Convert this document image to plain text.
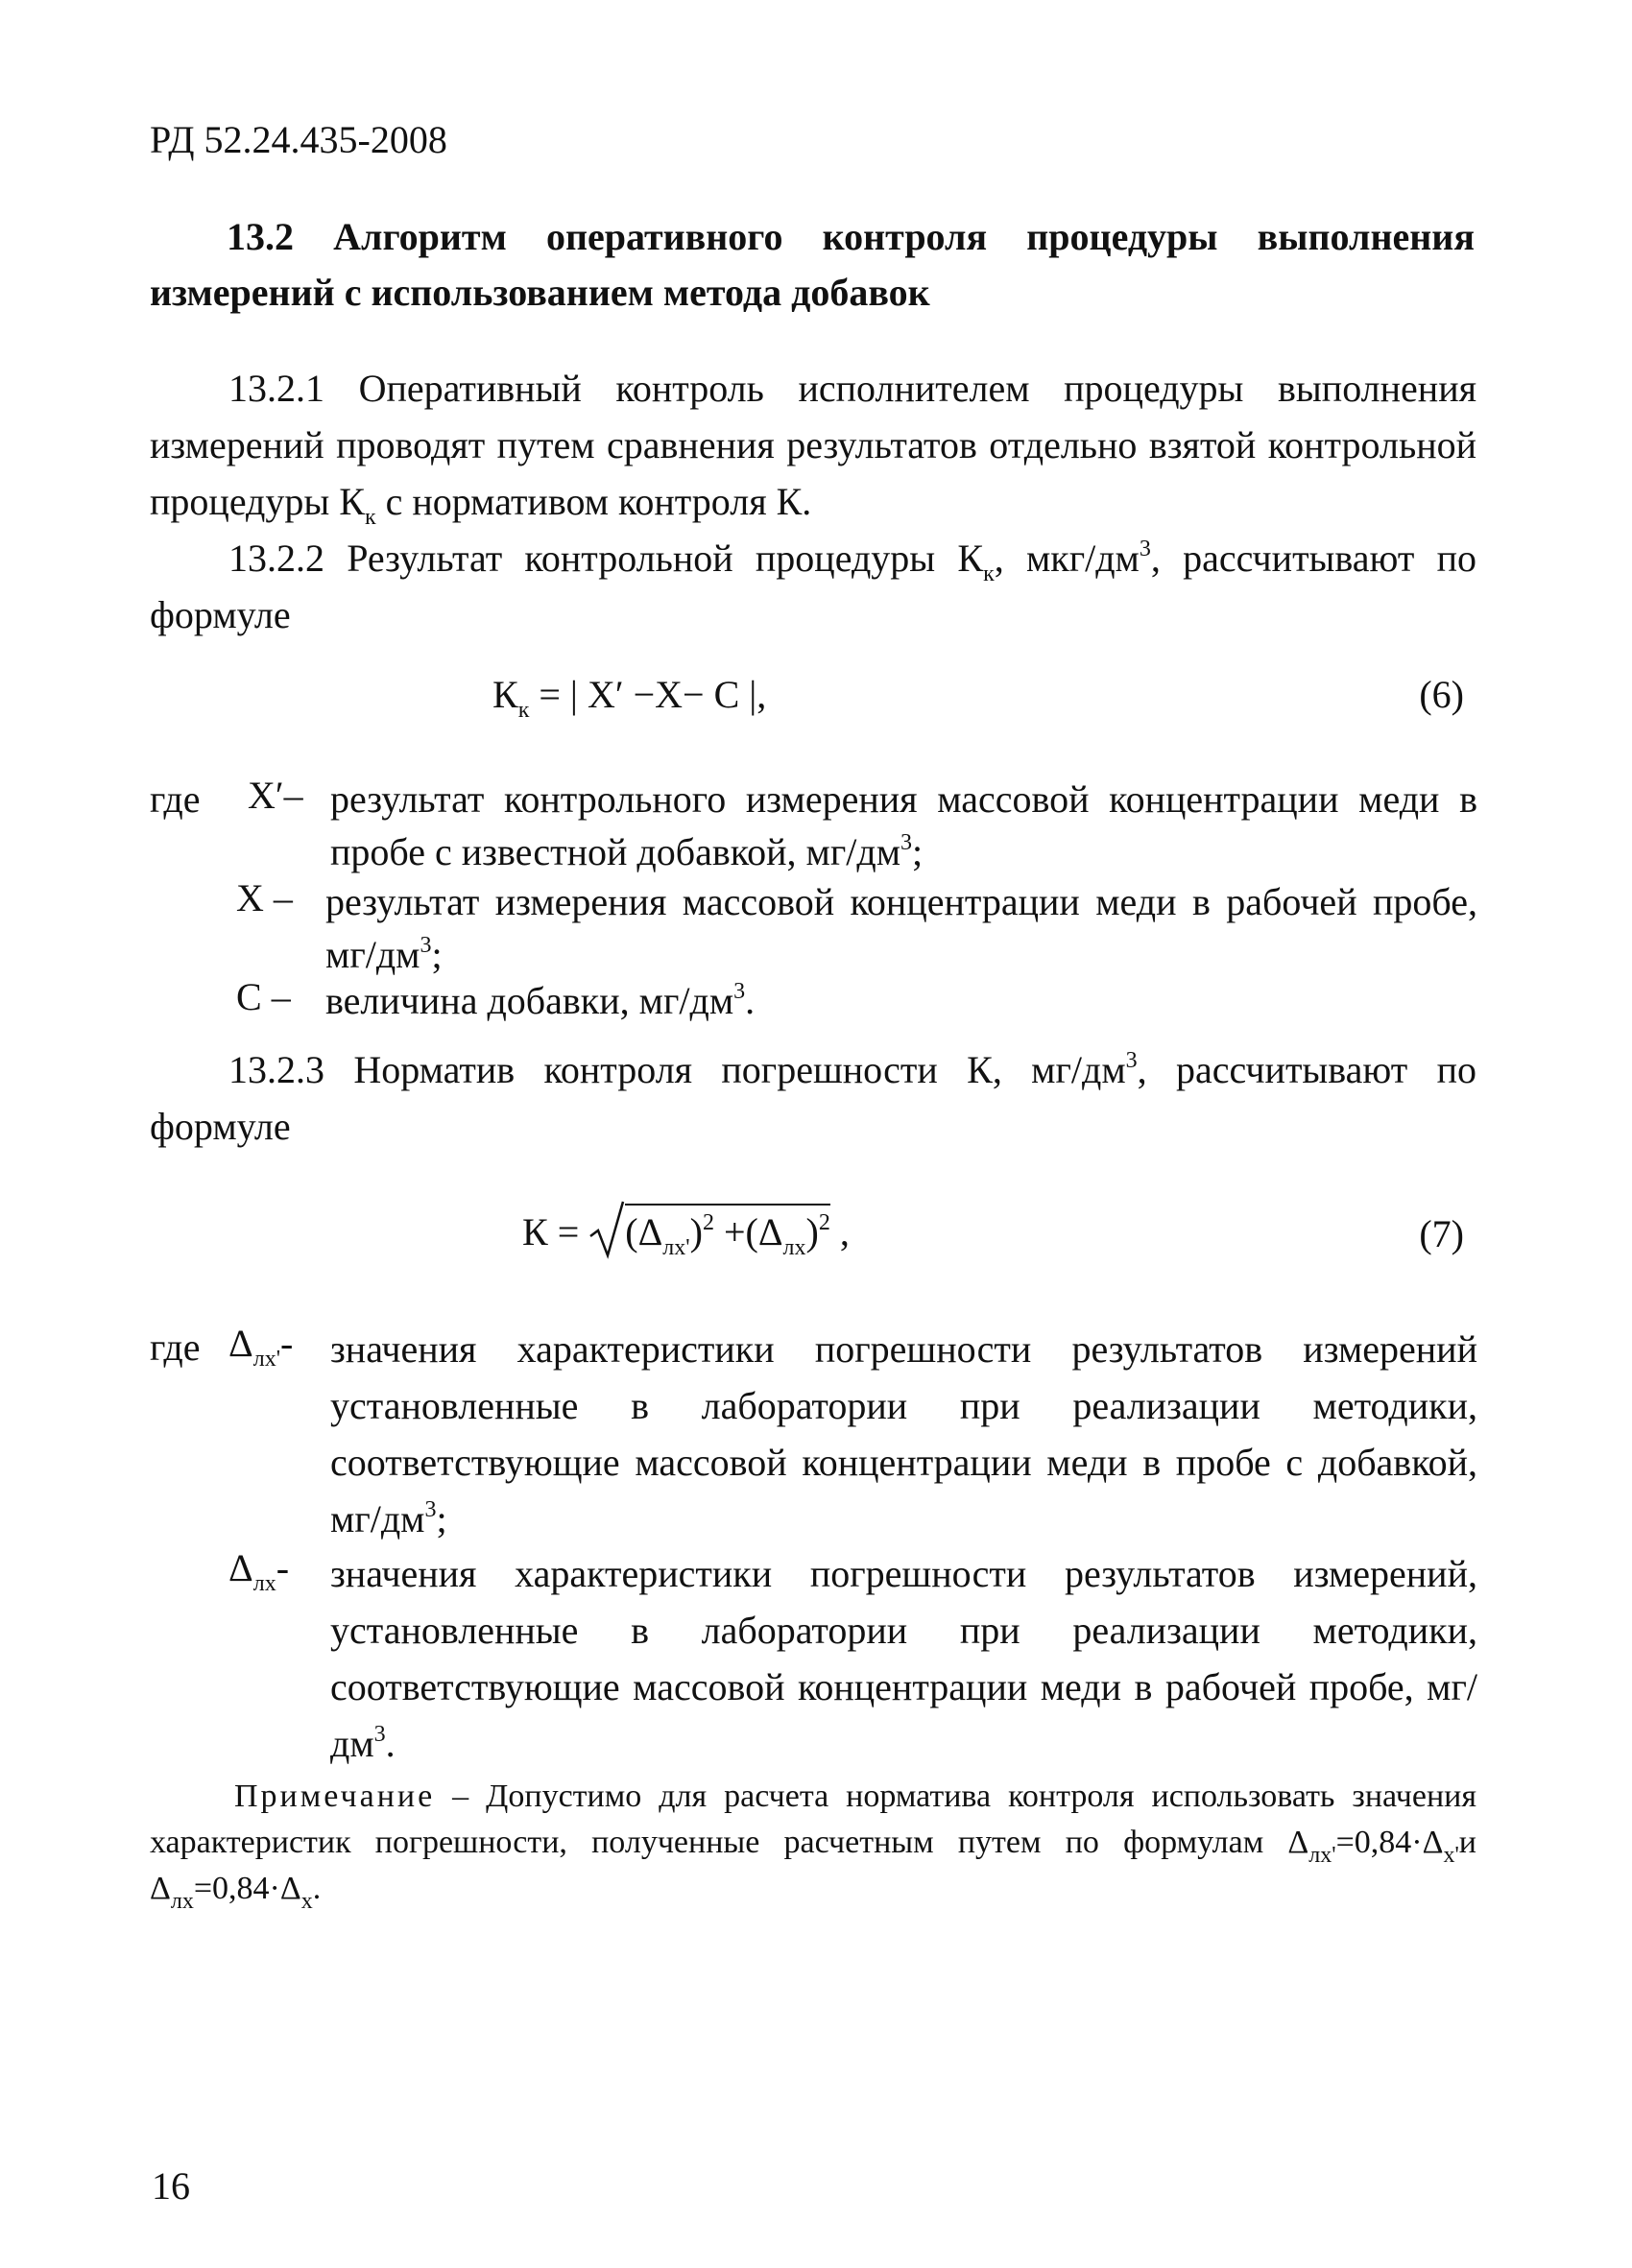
РД 52.24.435-2008
13.2 Алгоритм оперативного контроля процедуры выполнения измерений с использованием метода добавок
13.2.1 Оперативный контроль исполнителем процедуры выполнения измерений проводят путем сравнения результатов отдельно взятой контрольной процедуры $К_к$ с нормативом контроля К.
13.2.2 Результат контрольной процедуры $К_к$, мкг/$дм^3$, рассчитывают по формуле
$К_к$ = | X′ −X− C |,	(6)
где X′– результат контрольного измерения массовой концентрации меди в пробе с известной добавкой, $мг/дм^3$;
X – результат измерения массовой концентрации меди в рабочей пробе, $мг/дм^3$;
C – величина добавки, $мг/дм^3$.
13.2.3 Норматив контроля погрешности К, $мг/дм^3$, рассчитывают по формуле
К =
$(\Delta_{лх'})^2 +(\Delta_{лх})^2$ ,	(7)
где $\Delta_{лх'}-$ значения характеристики погрешности результатов измерений установленные в лаборатории при реализации методики, соответствующие массовой концентрации меди в пробе с добавкой, $мг/дм^3$;
$\Delta_{лх}-$ значения характеристики погрешности результатов измерений, установленные в лаборатории при реализации методики, соответствующие массовой концентрации меди в рабочей пробе, $мг/дм^3$.
Примечание – Допустимо для расчета норматива контроля использовать значения характеристик погрешности, полученные расчетным путем по формулам $\Delta_{лх'}=0,84\cdot\Delta_{х'}и$ $\Delta_{лх}=0,84\cdot\Delta_х$.
16
